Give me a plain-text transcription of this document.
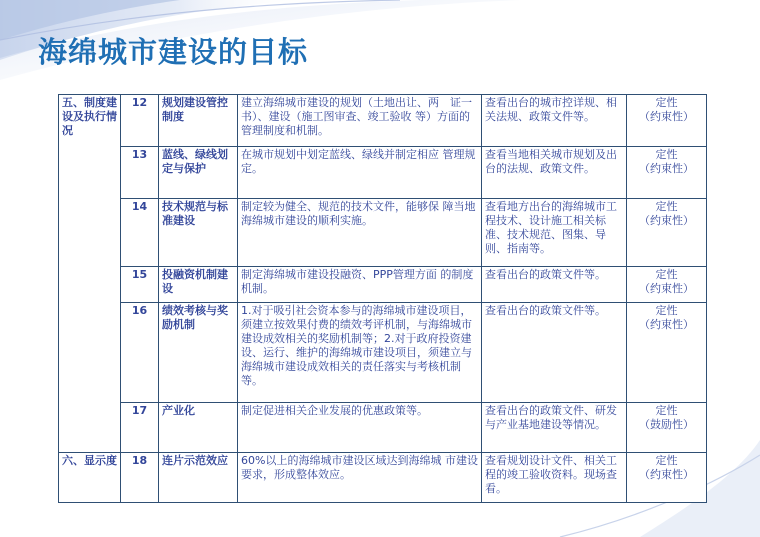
海绵城市建设的目标
五、制度建设及执行情况	12	规划建设管控制度	建立海绵城市建设的规划（土地出让、两　证一书）、建设（施工图审查、竣工验收 等）方面的管理制度和机制。	查看出台的城市控详规、相关法规、政策文件等。	定性
（约束性）

	13	蓝线、绿线划定与保护	在城市规划中划定蓝线、绿线并制定相应 管理规定。	查看当地相关城市规划及出台的法规、政策文件。	定性
（约束性）

	14	技术规范与标准建设	制定较为健全、规范的技术文件，能够保 障当地海绵城市建设的顺利实施。	查看地方出台的海绵城市工程技术、设计施工相关标准、技术规范、图集、导则、指南等。	定性
（约束性）

	15	投融资机制建设	制定海绵城市建设投融资、PPP管理方面 的制度机制。	查看出台的政策文件等。	定性
（约束性）

	16	绩效考核与奖励机制	1.对于吸引社会资本参与的海绵城市建设项目，须建立按效果付费的绩效考评机制，与海绵城市建设成效相关的奖励机制等；2.对于政府投资建设、运行、维护的海绵城市建设项目，须建立与海绵城市建设成效相关的责任落实与考核机制等。	查看出台的政策文件等。	定性
（约束性）

	17	产业化	制定促进相关企业发展的优惠政策等。	查看出台的政策文件、研发与产业基地建设等情况。	定性
（鼓励性）

六、显示度	18	连片示范效应	60%以上的海绵城市建设区域达到海绵城 市建设要求，形成整体效应。	查看规划设计文件、相关工程的竣工验收资料。现场查看。	定性
（约束性）
